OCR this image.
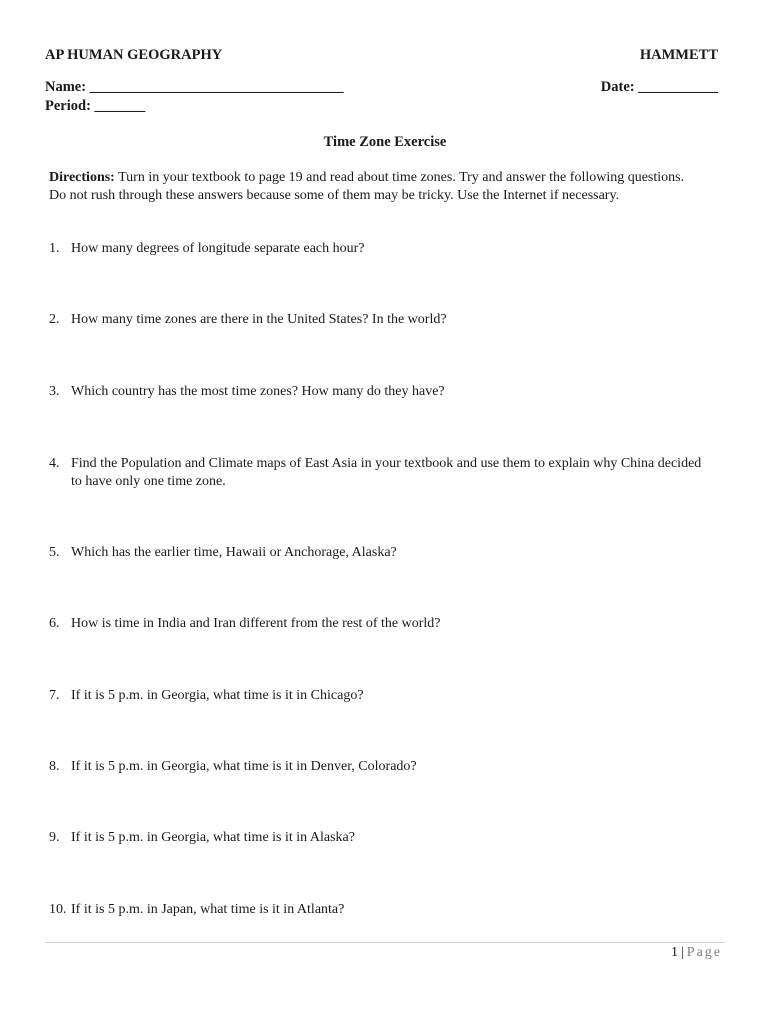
AP HUMAN GEOGRAPHY	HAMMETT
Name: ___________________________________	Date: ___________
Period: _______
Time Zone Exercise
Directions: Turn in your textbook to page 19 and read about time zones. Try and answer the following questions. Do not rush through these answers because some of them may be tricky. Use the Internet if necessary.
1. How many degrees of longitude separate each hour?
2. How many time zones are there in the United States? In the world?
3. Which country has the most time zones? How many do they have?
4. Find the Population and Climate maps of East Asia in your textbook and use them to explain why China decided to have only one time zone.
5. Which has the earlier time, Hawaii or Anchorage, Alaska?
6. How is time in India and Iran different from the rest of the world?
7. If it is 5 p.m. in Georgia, what time is it in Chicago?
8. If it is 5 p.m. in Georgia, what time is it in Denver, Colorado?
9. If it is 5 p.m. in Georgia, what time is it in Alaska?
10. If it is 5 p.m. in Japan, what time is it in Atlanta?
1 | Page
